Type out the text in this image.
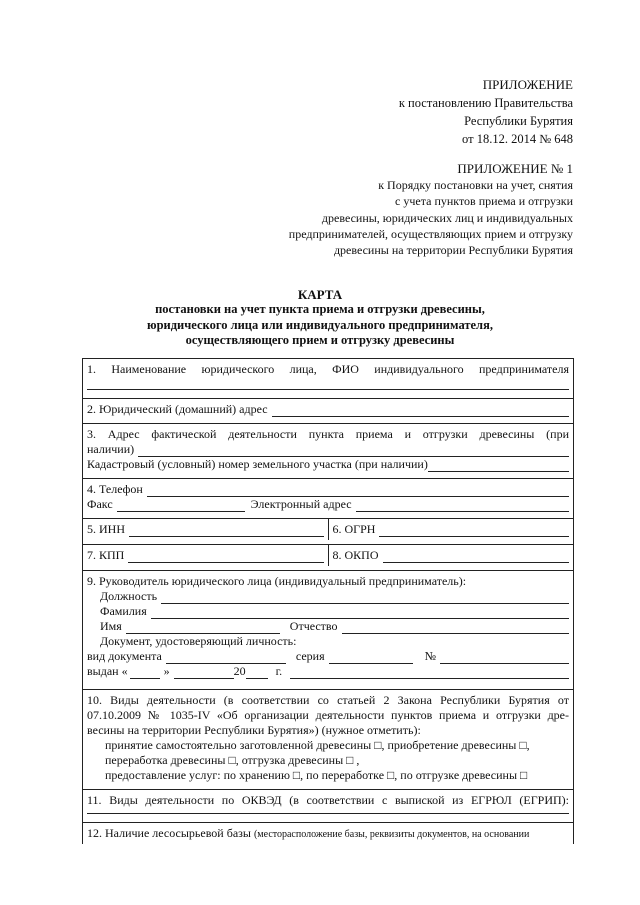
ПРИЛОЖЕНИЕ
к постановлению Правительства
Республики Бурятия
от 18.12. 2014 № 648
ПРИЛОЖЕНИЕ № 1
к Порядку постановки на учет, снятия
с учета пунктов приема и отгрузки
древесины, юридических лиц и индивидуальных
предпринимателей, осуществляющих прием и отгрузку
древесины на территории Республики Бурятия
КАРТА
постановки на учет пункта приема и отгрузки древесины,
юридического лица или индивидуального предпринимателя,
осуществляющего прием и отгрузку древесины
1. Наименование юридического лица, ФИО индивидуального предпринимателя
2. Юридический (домашний) адрес
3. Адрес фактической деятельности пункта приема и отгрузки древесины (при
наличии)
Кадастровый (условный) номер земельного участка (при наличии)
4. Телефон
Факс	Электронный адрес
5. ИНН	6. ОГРН
7. КПП	8. ОКПО
9. Руководитель юридического лица (индивидуальный предприниматель):
Должность
Фамилия
Имя	Отчество
Документ, удостоверяющий личность:
вид документа	серия	№
выдан «	»	20	г.
10. Виды деятельности (в соответствии со статьей 2 Закона Республики Бурятия от
07.10.2009 № 1035-IV «Об организации деятельности пунктов приема и отгрузки дре-
весины на территории Республики Бурятия») (нужное отметить):
принятие самостоятельно заготовленной древесины □, приобретение древесины □,
переработка древесины □, отгрузка древесины □ ,
предоставление услуг: по хранению □, по переработке □, по отгрузке древесины □
11. Виды деятельности по ОКВЭД (в соответствии с выпиской из ЕГРЮЛ (ЕГРИП):
12. Наличие лесосырьевой базы (месторасположение базы, реквизиты документов, на основании
